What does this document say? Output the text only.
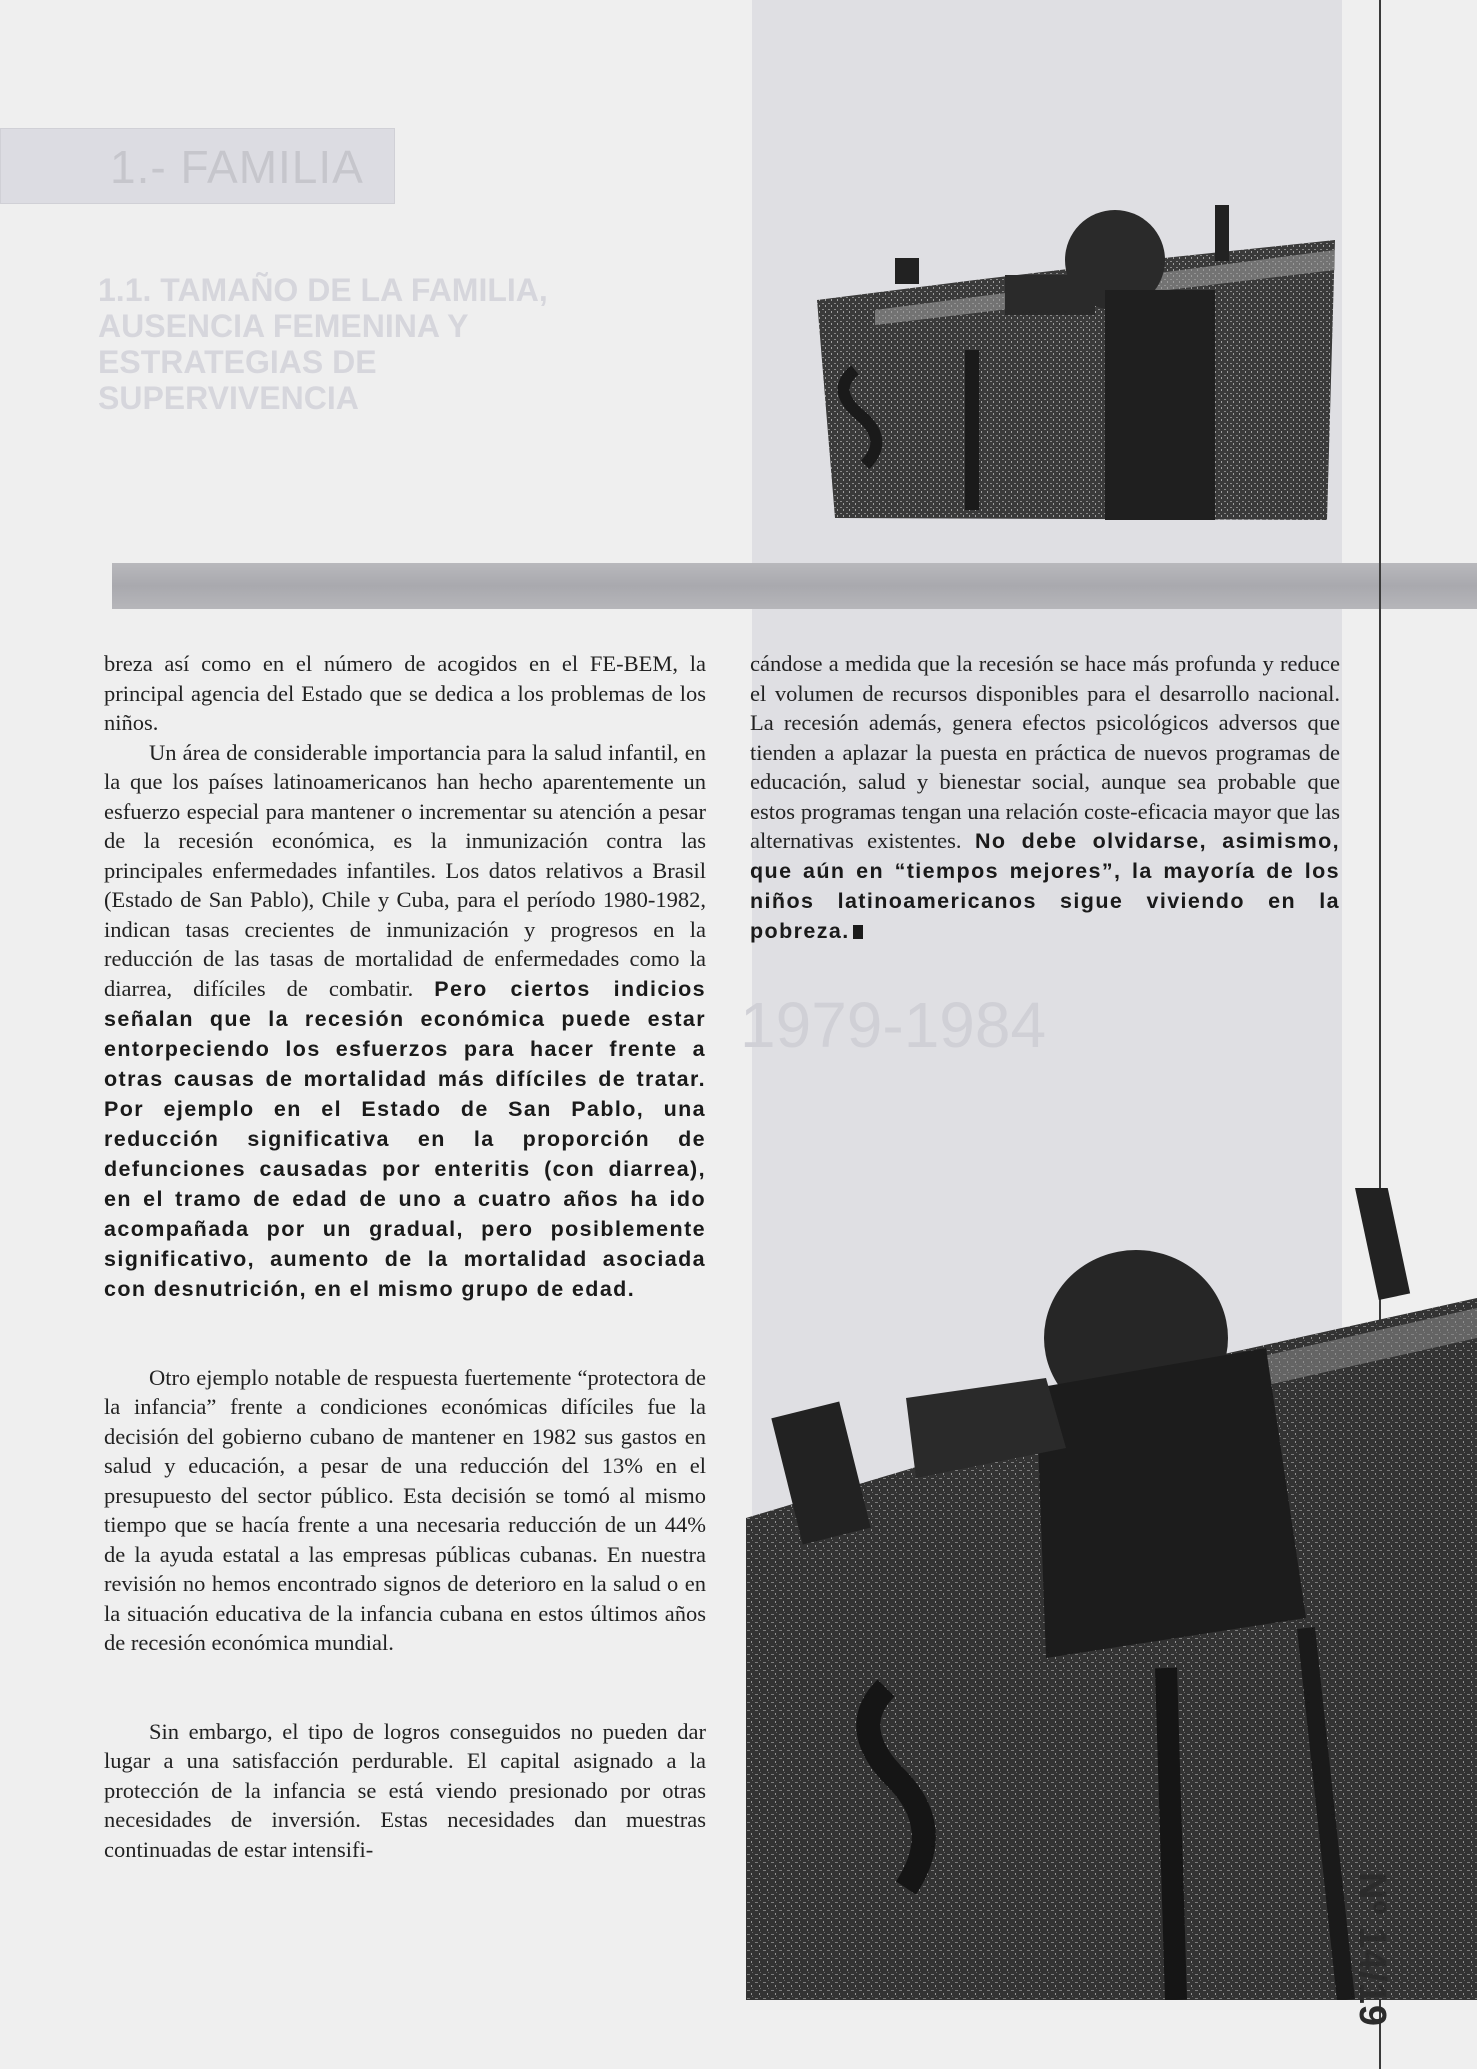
1.- FAMILIA
1.1. TAMAÑO DE LA FAMILIA, AUSENCIA FEMENINA Y ESTRATEGIAS DE SUPERVIVENCIA
1979-1984

breza así como en el número de acogidos en el FE-BEM, la principal agencia del Estado que se dedica a los problemas de los niños.

Un área de considerable importancia para la salud infantil, en la que los países latinoamericanos han hecho aparentemente un esfuerzo especial para mantener o incrementar su atención a pesar de la recesión económica, es la inmunización contra las principales enfermedades infantiles. Los datos relativos a Brasil (Estado de San Pablo), Chile y Cuba, para el período 1980-1982, indican tasas crecientes de inmunización y progresos en la reducción de las tasas de mortalidad de enfermedades como la diarrea, difíciles de combatir. Pero ciertos indicios señalan que la recesión económica puede estar entorpeciendo los esfuerzos para hacer frente a otras causas de mortalidad más difíciles de tratar. Por ejemplo en el Estado de San Pablo, una reducción significativa en la proporción de defunciones causadas por enteritis (con diarrea), en el tramo de edad de uno a cuatro años ha ido acompañada por un gradual, pero posiblemente significativo, aumento de la mortalidad asociada con desnutrición, en el mismo grupo de edad.

Otro ejemplo notable de respuesta fuertemente “protectora de la infancia” frente a condiciones económicas difíciles fue la decisión del gobierno cubano de mantener en 1982 sus gastos en salud y educación, a pesar de una reducción del 13% en el presupuesto del sector público. Esta decisión se tomó al mismo tiempo que se hacía frente a una necesaria reducción de un 44% de la ayuda estatal a las empresas públicas cubanas. En nuestra revisión no hemos encontrado signos de deterioro en la salud o en la situación educativa de la infancia cubana en estos últimos años de recesión económica mundial.

Sin embargo, el tipo de logros conseguidos no pueden dar lugar a una satisfacción perdurable. El capital asignado a la protección de la infancia se está viendo presionado por otras necesidades de inversión. Estas necesidades dan muestras continuadas de estar intensifi-

cándose a medida que la recesión se hace más profunda y reduce el volumen de recursos disponibles para el desarrollo nacional. La recesión además, genera efectos psicológicos adversos que tienden a aplazar la puesta en práctica de nuevos programas de educación, salud y bienestar social, aunque sea probable que estos programas tengan una relación coste-eficacia mayor que las alternativas existentes. No debe olvidarse, asimismo, que aún en “tiempos mejores”, la mayoría de los niños latinoamericanos sigue viviendo en la pobreza.

Nº 14/19
